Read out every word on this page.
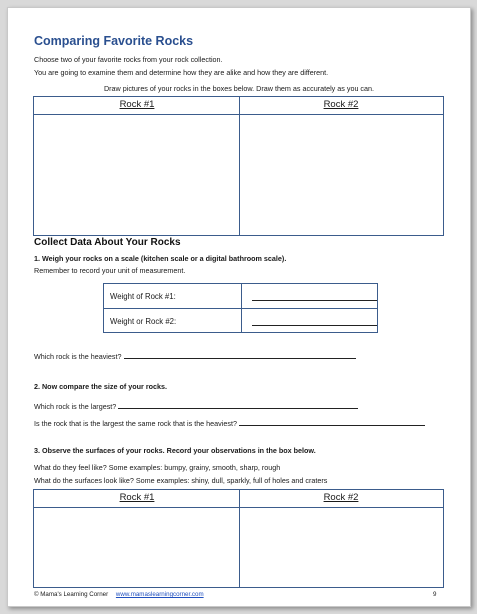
Comparing Favorite Rocks
Choose two of your favorite rocks from your rock collection.
You are going to examine them and determine how they are alike and how they are different.
Draw pictures of your rocks in the boxes below. Draw them as accurately as you can.
Rock #1	Rock #2
Collect Data About Your Rocks
1. Weigh your rocks on a scale (kitchen scale or a digital bathroom scale).
Remember to record your unit of measurement.
Weight of Rock #1:
Weight or Rock #2:
Which rock is the heaviest?
2. Now compare the size of your rocks.
Which rock is the largest?
Is the rock that is the largest the same rock that is the heaviest?
3. Observe the surfaces of your rocks. Record your observations in the box below.
What do they feel like? Some examples: bumpy, grainy, smooth, sharp, rough
What do the surfaces look like? Some examples: shiny, dull, sparkly, full of holes and craters
Rock #1	Rock #2
© Mama's Learning Corner www.mamaslearningcorner.com	9
